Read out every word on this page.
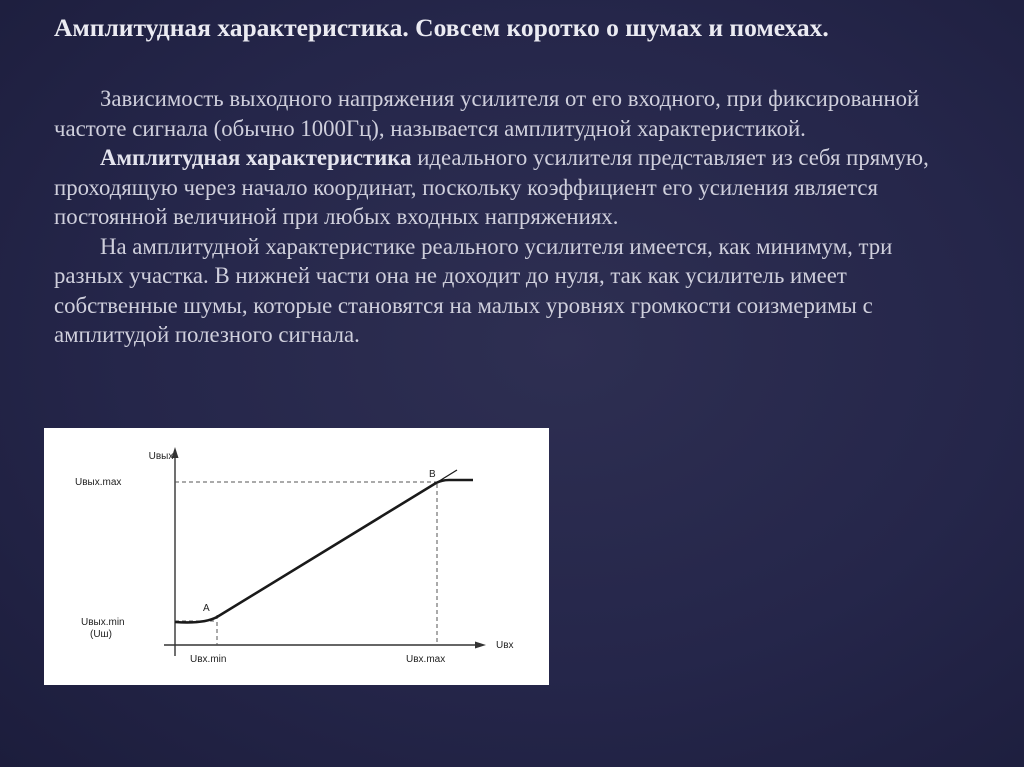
Амплитудная характеристика. Совсем коротко о шумах и помехах.

Зависимость выходного напряжения усилителя от его входного, при фиксированной частоте сигнала (обычно 1000Гц), называется амплитудной характеристикой.

Амплитудная характеристика идеального усилителя представляет из себя прямую, проходящую через начало координат, поскольку коэффициент его усиления является постоянной величиной при любых входных напряжениях.

На амплитудной характеристике реального усилителя имеется, как минимум, три разных участка. В нижней части она не доходит до нуля, так как усилитель имеет собственные шумы, которые становятся на малых уровнях громкости соизмеримы с амплитудой полезного сигнала.

Uвых
Uвх
Uвых.max
Uвых.min
(Uш)
Uвх.min	Uвх.max
A
B
